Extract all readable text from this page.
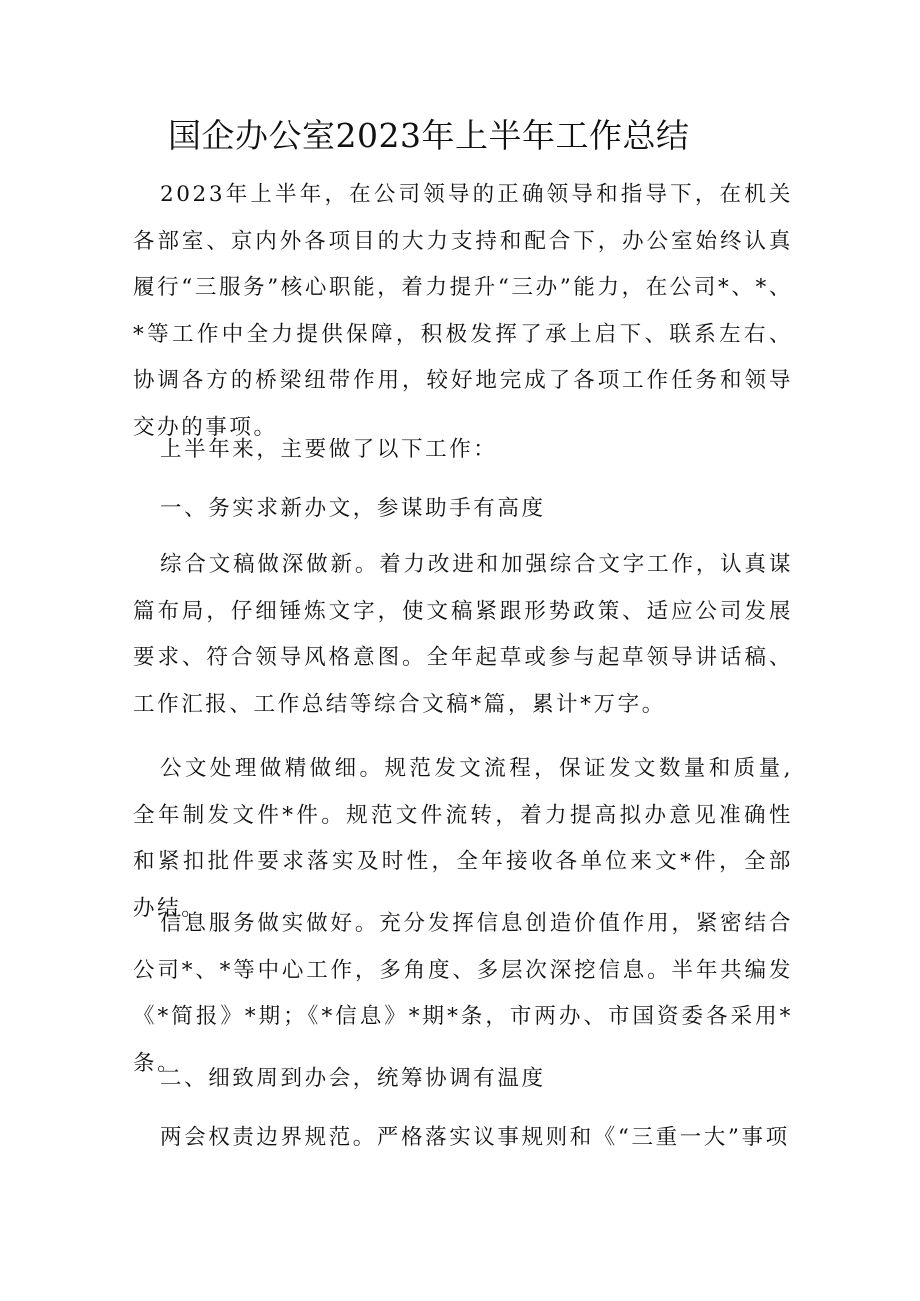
国企办公室2023年上半年工作总结

2023年上半年，在公司领导的正确领导和指导下，在机关各部室、京内外各项目的大力支持和配合下，办公室始终认真履行“三服务”核心职能，着力提升“三办”能力，在公司*、*、*等工作中全力提供保障，积极发挥了承上启下、联系左右、协调各方的桥梁纽带作用，较好地完成了各项工作任务和领导交办的事项。

上半年来，主要做了以下工作：

一、务实求新办文，参谋助手有高度

综合文稿做深做新。着力改进和加强综合文字工作，认真谋篇布局，仔细锤炼文字，使文稿紧跟形势政策、适应公司发展要求、符合领导风格意图。全年起草或参与起草领导讲话稿、工作汇报、工作总结等综合文稿*篇，累计*万字。

公文处理做精做细。规范发文流程，保证发文数量和质量,全年制发文件*件。规范文件流转，着力提高拟办意见准确性和紧扣批件要求落实及时性，全年接收各单位来文*件，全部办结。

信息服务做实做好。充分发挥信息创造价值作用，紧密结合公司*、*等中心工作，多角度、多层次深挖信息。半年共编发《*简报》*期；《*信息》*期*条，市两办、市国资委各采用*条。

二、细致周到办会，统筹协调有温度

两会权责边界规范。严格落实议事规则和《“三重一大”事项
